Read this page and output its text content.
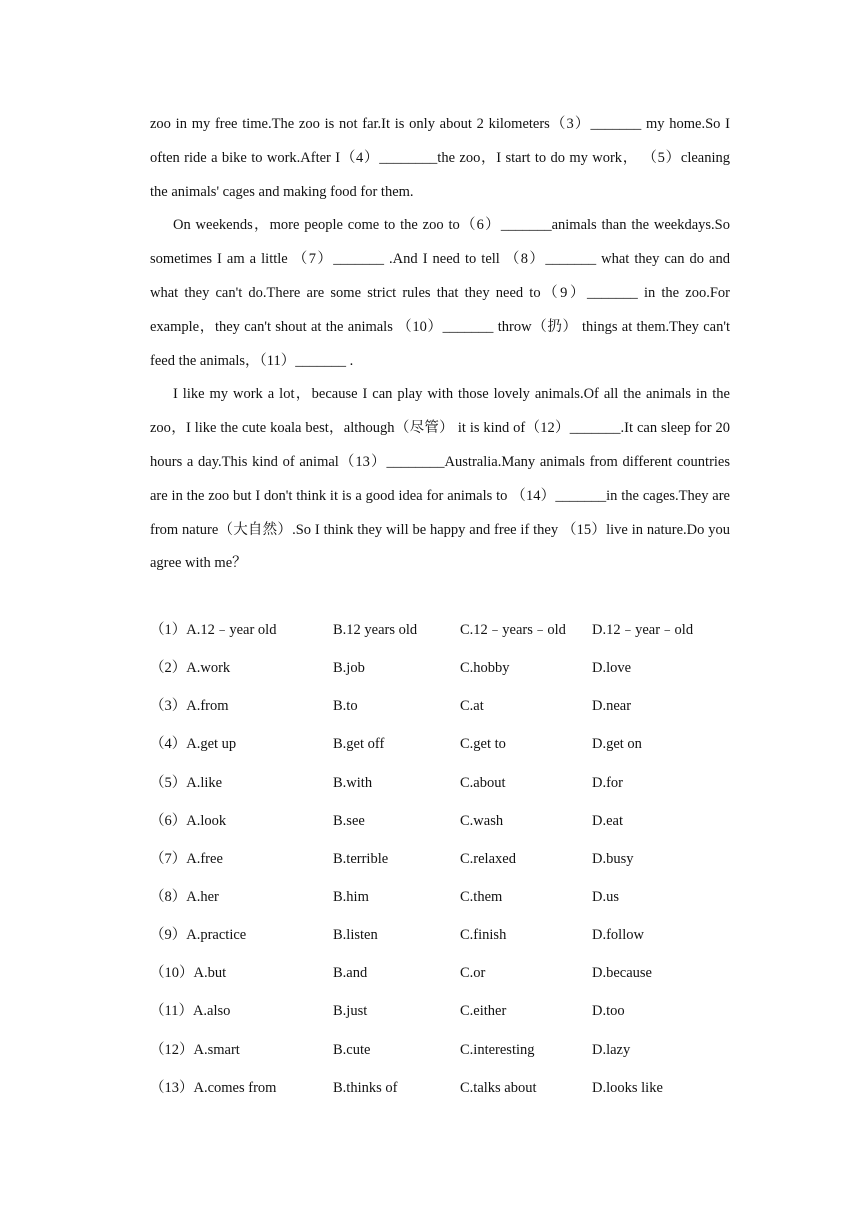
zoo in my free time.The zoo is not far.It is only about 2 kilometers（3）_______ my home.So I often ride a bike to work.After I（4）________the zoo，I start to do my work， （5）cleaning the animals' cages and making food for them.

On weekends，more people come to the zoo to（6）_______animals than the weekdays.So sometimes I am a little （7）_______ .And I need to tell （8）_______ what they can do and what they can't do.There are some strict rules that they need to（9）_______ in the zoo.For example，they can't shout at the animals （10）_______ throw（扔） things at them.They can't feed the animals，（11）_______ .

I like my work a lot，because I can play with those lovely animals.Of all the animals in the zoo，I like the cute koala best，although（尽管） it is kind of（12）_______.It can sleep for 20 hours a day.This kind of animal（13）________Australia.Many animals from different countries are in the zoo but I don't think it is a good idea for animals to （14）_______in the cages.They are from nature（大自然）.So I think they will be happy and free if they （15）live in nature.Do you agree with me？

（1）A.12﹣year old	B.12 years old	C.12﹣years﹣old D.12﹣year﹣old
（2）A.work	B.job	C.hobby	D.love
（3）A.from	B.to	C.at	D.near
（4）A.get up	B.get off	C.get to	D.get on
（5）A.like	B.with	C.about	D.for
（6）A.look	B.see	C.wash	D.eat
（7）A.free	B.terrible	C.relaxed	D.busy
（8）A.her	B.him	C.them	D.us
（9）A.practice	B.listen	C.finish	D.follow
（10）A.but	B.and	C.or	D.because
（11）A.also	B.just	C.either	D.too
（12）A.smart	B.cute	C.interesting	D.lazy
（13）A.comes from	B.thinks of	C.talks about	D.looks like
